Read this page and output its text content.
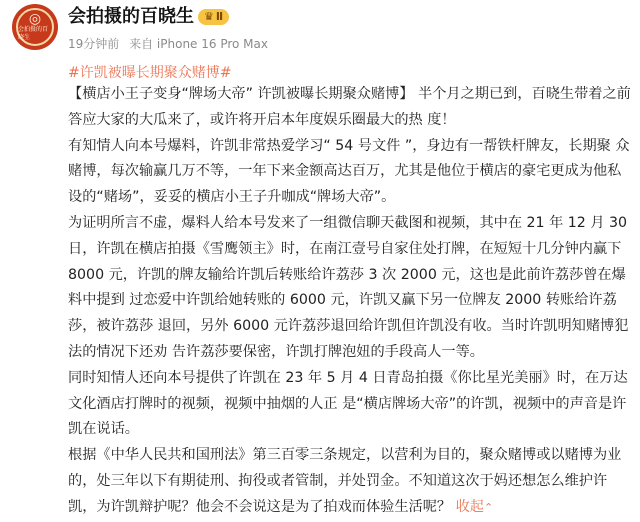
◎
会拍摄的百晓生
会拍摄的百晓生 ♛ Ⅱ
19分钟前 来自 iPhone 16 Pro Max
#许凯被曝长期聚众赌博#

【横店小王子变身“牌场大帝” 许凯被曝长期聚众赌博】 半个月之期已到，百晓生带着之前答应大家的大瓜来了，或许将开启本年度娱乐圈最大的热 度！

有知情人向本号爆料，许凯非常热爱学习“ 54 号文件 ”，身边有一帮铁杆牌友，长期聚 众赌博，每次输赢几万不等，一年下来金额高达百万，尤其是他位于横店的豪宅更成为他私 设的“赌场”，妥妥的横店小王子升咖成“牌场大帝”。

为证明所言不虚，爆料人给本号发来了一组微信聊天截图和视频，其中在 21 年 12 月 30 日，许凯在横店拍摄《雪鹰领主》时，在南江壹号自家住处打牌，在短短十几分钟内赢下 8000 元，许凯的牌友输给许凯后转账给许荔莎 3 次 2000 元，这也是此前许荔莎曾在爆料中提到 过恋爱中许凯给她转账的 6000 元，许凯又赢下另一位牌友 2000 转账给许荔莎，被许荔莎 退回，另外 6000 元许荔莎退回给许凯但许凯没有收。当时许凯明知赌博犯法的情况下还劝 告许荔莎要保密，许凯打牌泡妞的手段高人一等。

同时知情人还向本号提供了许凯在 23 年 5 月 4 日青岛拍摄《你比星光美丽》时，在万达文化酒店打牌时的视频，视频中抽烟的人正 是“横店牌场大帝”的许凯，视频中的声音是许凯在说话。

根据《中华人民共和国刑法》第三百零三条规定，以营利为目的，聚众赌博或以赌博为业 的，处三年以下有期徒刑、拘役或者管制，并处罚金。不知道这次于妈还想怎么维护许凯，为许凯辩护呢？他会不会说这是为了拍戏而体验生活呢？ 收起⌃
